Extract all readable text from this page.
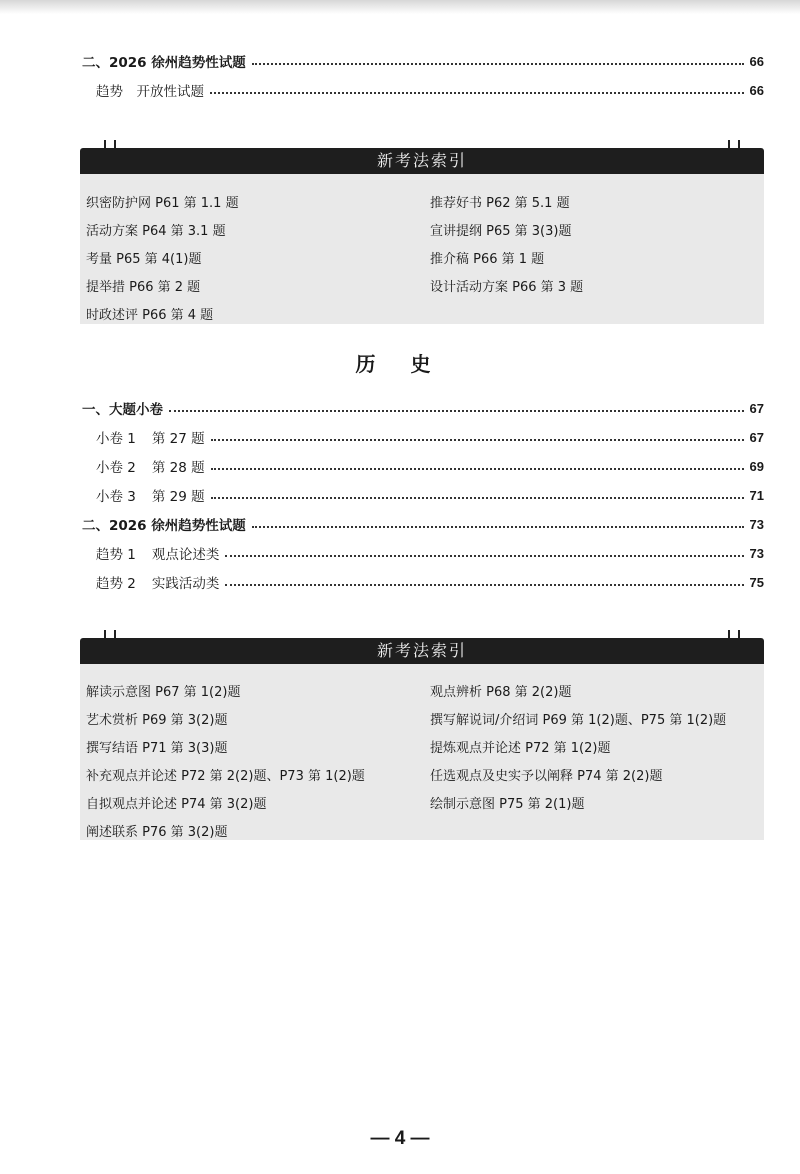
二、2026 徐州趋势性试题	66
趋势　开放性试题	66
新考法索引
织密防护网 P61 第 1.1 题
活动方案 P64 第 3.1 题
考量 P65 第 4(1)题
提举措 P66 第 2 题
时政述评 P66 第 4 题
推荐好书 P62 第 5.1 题
宣讲提纲 P65 第 3(3)题
推介稿 P66 第 1 题
设计活动方案 P66 第 3 题
历 史
一、大题小卷	67
小卷 1 第 27 题	67
小卷 2 第 28 题	69
小卷 3 第 29 题	71
二、2026 徐州趋势性试题	73
趋势 1 观点论述类	73
趋势 2 实践活动类	75
新考法索引
解读示意图 P67 第 1(2)题
艺术赏析 P69 第 3(2)题
撰写结语 P71 第 3(3)题
补充观点并论述 P72 第 2(2)题、P73 第 1(2)题
自拟观点并论述 P74 第 3(2)题
阐述联系 P76 第 3(2)题
观点辨析 P68 第 2(2)题
撰写解说词/介绍词 P69 第 1(2)题、P75 第 1(2)题
提炼观点并论述 P72 第 1(2)题
任选观点及史实予以阐释 P74 第 2(2)题
绘制示意图 P75 第 2(1)题
— 4 —
